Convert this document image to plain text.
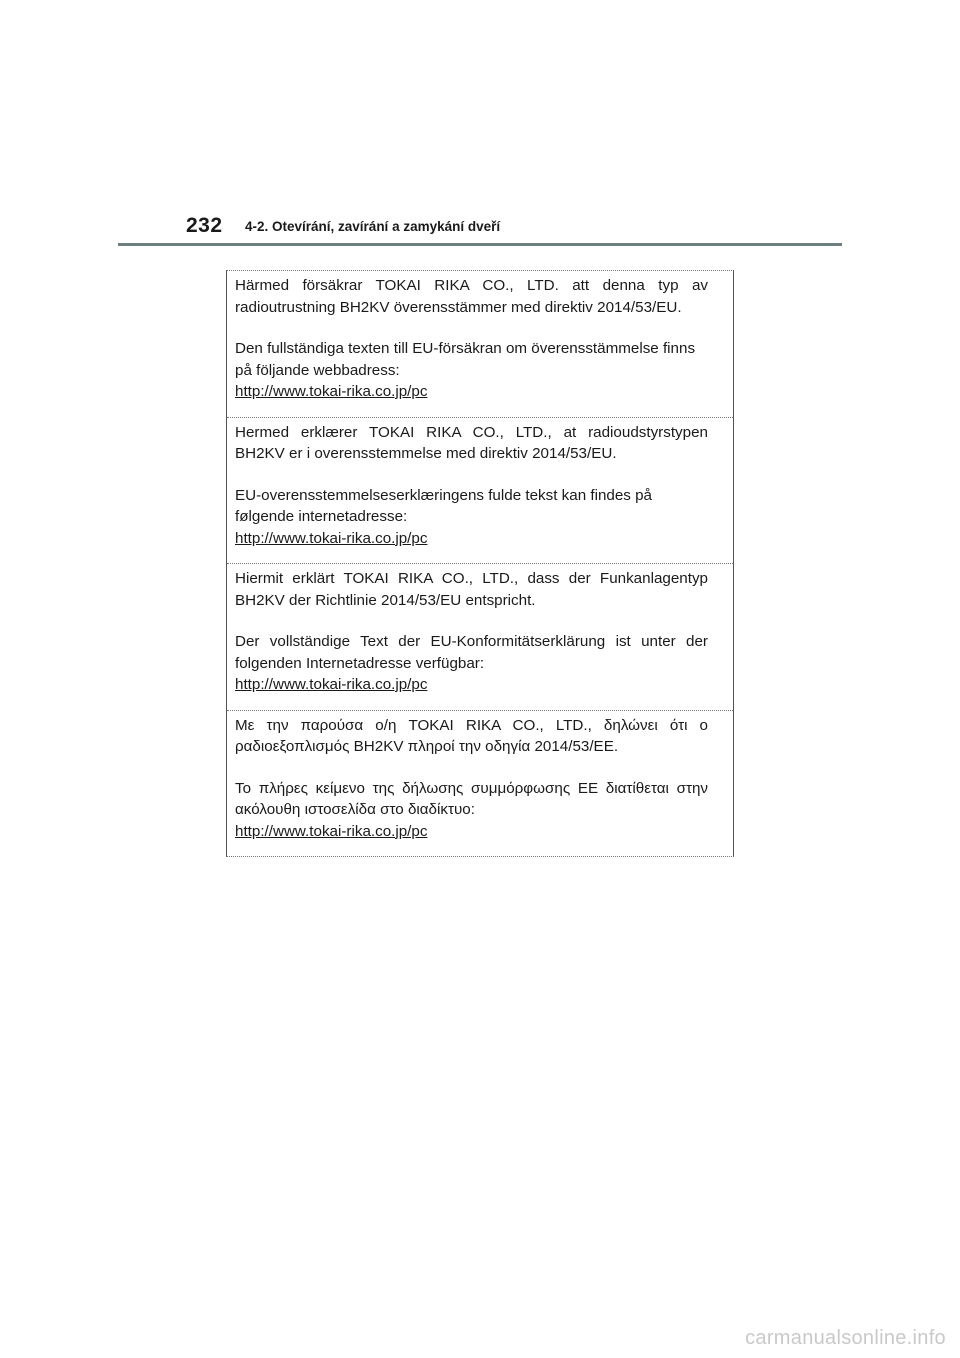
232 4-2. Otevírání, zavírání a zamykání dveří

Härmed försäkrar TOKAI RIKA CO., LTD. att denna typ av radioutrustning BH2KV överensstämmer med direktiv 2014/53/EU.

Den fullständiga texten till EU-försäkran om överensstämmelse finns på följande webbadress:

http://www.tokai-rika.co.jp/pc

Hermed erklærer TOKAI RIKA CO., LTD., at radioudstyrstypen BH2KV er i overensstemmelse med direktiv 2014/53/EU.

EU-overensstemmelseserklæringens fulde tekst kan findes på følgende internetadresse:

http://www.tokai-rika.co.jp/pc

Hiermit erklärt TOKAI RIKA CO., LTD., dass der Funkanlagentyp BH2KV der Richtlinie 2014/53/EU entspricht.

Der vollständige Text der EU-Konformitätserklärung ist unter der folgenden Internetadresse verfügbar:

http://www.tokai-rika.co.jp/pc

Με την παρούσα ο/η TOKAI RIKA CO., LTD., δηλώνει ότι ο ραδιοεξοπλισμός BH2KV πληροί την οδηγία 2014/53/ΕΕ.

Το πλήρες κείμενο της δήλωσης συμμόρφωσης ΕΕ διατίθεται στην ακόλουθη ιστοσελίδα στο διαδίκτυο:

http://www.tokai-rika.co.jp/pc
carmanualsonline.info
